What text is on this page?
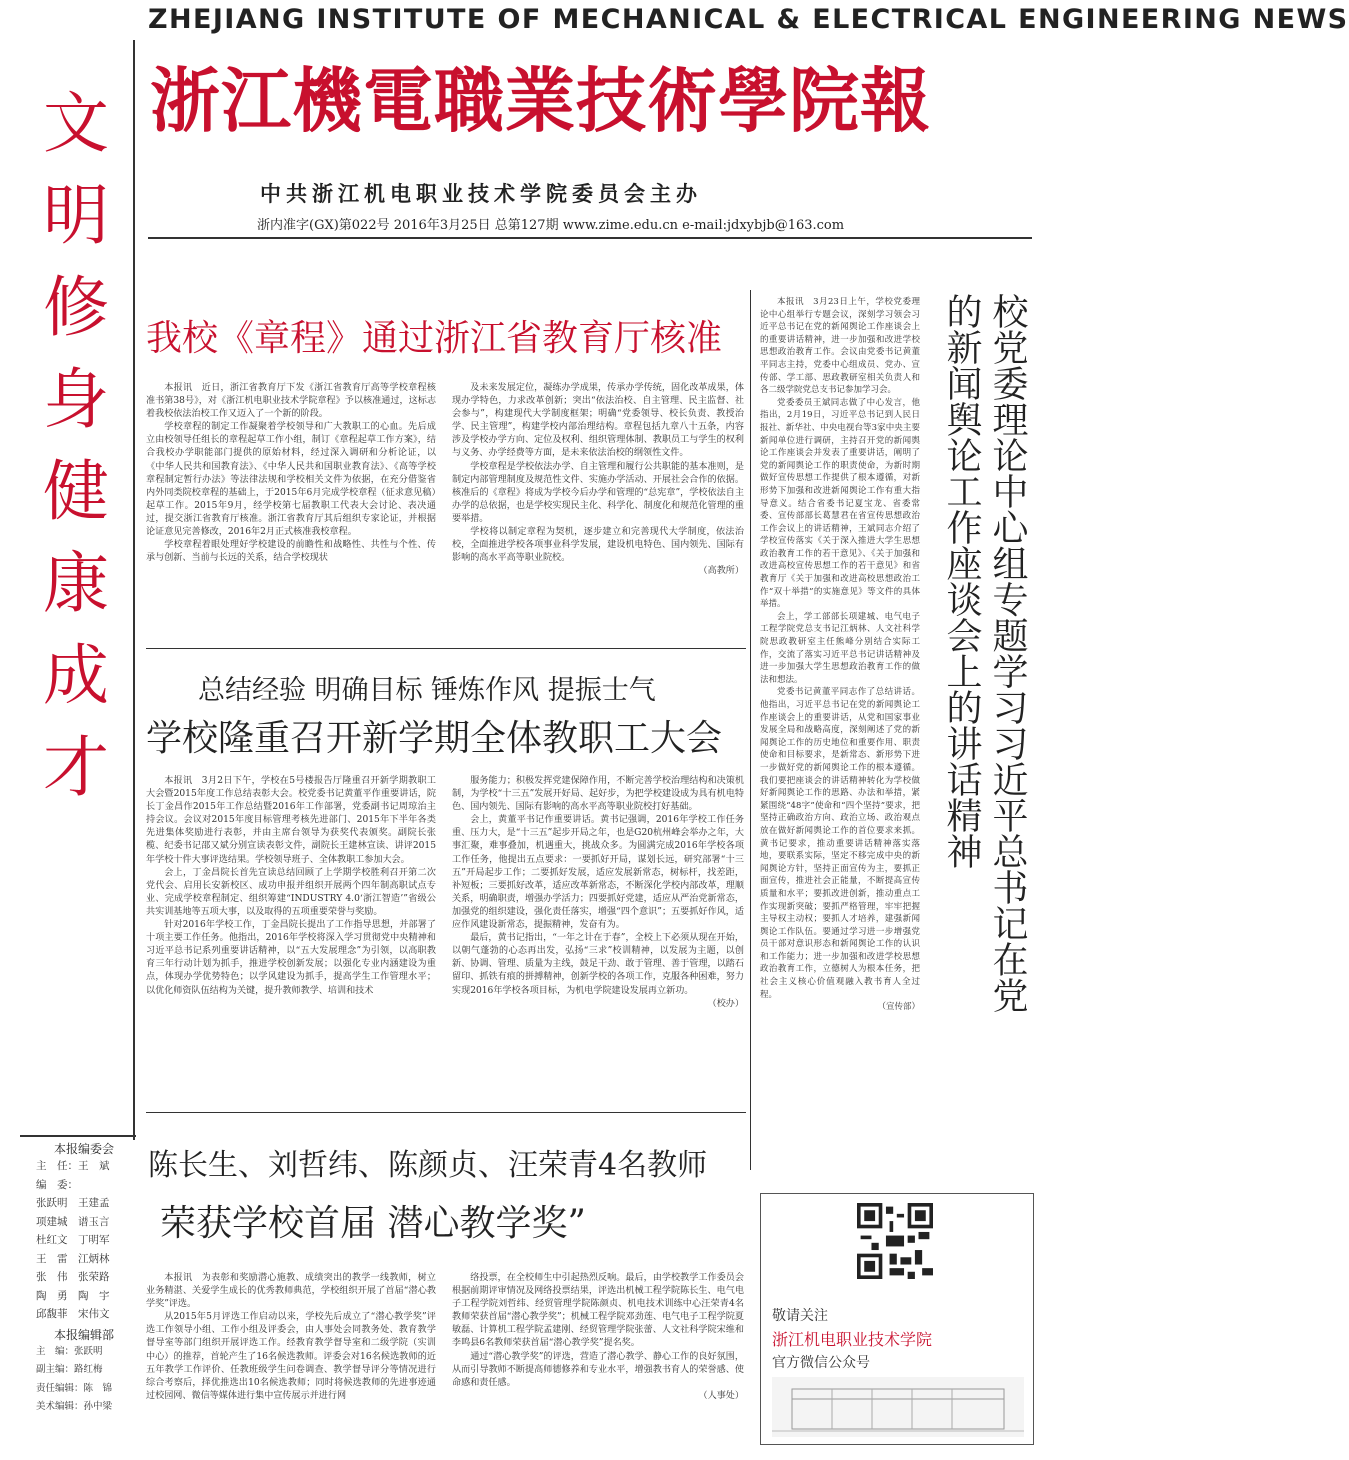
ZHEJIANG INSTITUTE OF MECHANICAL & ELECTRICAL ENGINEERING NEWS
浙江機電職業技術學院報
中共浙江机电职业技术学院委员会主办
浙内准字(GX)第022号 2016年3月25日 总第127期 www.zime.edu.cn e-mail:jdxybjb@163.com
文
明
修
身
健
康
成
才
本报编委会
主　任：王　斌
编　委：
张跃明　 王建孟
项建城　 谱玉言
杜红文　 丁明军
王　雷　 江炳林
张　伟　 张荣路
陶　勇　 陶　宇
邱馥菲　 宋伟文
本报编辑部
主　编：张跃明
副主编：路红梅
责任编辑：陈　锦
美术编辑：孙中梁
我校《章程》通过浙江省教育厅核准

本报讯　近日，浙江省教育厅下发《浙江省教育厅高等学校章程核准书第38号》，对《浙江机电职业技术学院章程》予以核准通过，这标志着我校依法治校工作又迈入了一个新的阶段。

学校章程的制定工作凝聚着学校领导和广大教职工的心血。先后成立由校领导任组长的章程起草工作小组，制订《章程起草工作方案》，结合我校办学职能部门提供的原始材料，经过深入调研和分析论证，以《中华人民共和国教育法》、《中华人民共和国职业教育法》、《高等学校章程制定暂行办法》等法律法规和学校相关文件为依据，在充分借鉴省内外同类院校章程的基础上，于2015年6月完成学校章程（征求意见稿）起草工作。2015年9月，经学校第七届教职工代表大会讨论、表决通过，提交浙江省教育厅核准。浙江省教育厅其后组织专家论证，并根据论证意见完善修改，2016年2月正式核准我校章程。

学校章程着眼处理好学校建设的前瞻性和战略性、共性与个性、传承与创新、当前与长远的关系，结合学校现状

及未来发展定位，凝练办学成果，传承办学传统，固化改革成果，体现办学特色，力求改革创新；突出“依法治校、自主管理、民主监督、社会参与”，构建现代大学制度框架；明确“党委领导、校长负责、教授治学、民主管理”，构建学校内部治理结构。章程包括九章八十五条，内容涉及学校办学方向、定位及权利、组织管理体制、教职员工与学生的权利与义务、办学经费等方面，是未来依法治校的纲领性文件。

学校章程是学校依法办学、自主管理和履行公共职能的基本准则，是制定内部管理制度及规范性文件、实施办学活动、开展社会合作的依据。核准后的《章程》将成为学校今后办学和管理的“总宪章”，学校依法自主办学的总依据，也是学校实现民主化、科学化、制度化和规范化管理的重要举措。

学校将以制定章程为契机，逐步建立和完善现代大学制度，依法治校，全面推进学校各项事业科学发展，建设机电特色、国内领先、国际有影响的高水平高等职业院校。

（高教所）
总结经验 明确目标 锤炼作风 提振士气
学校隆重召开新学期全体教职工大会

本报讯　3月2日下午，学校在5号楼报告厅隆重召开新学期教职工大会暨2015年度工作总结表彰大会。校党委书记黄董平作重要讲话，院长丁金昌作2015年工作总结暨2016年工作部署，党委副书记周琼治主持会议。会议对2015年度目标管理考核先进部门、2015年下半年各类先进集体奖励进行表彰，并由主席台领导为获奖代表颁奖。副院长张榄、纪委书记邵又斌分别宣读表彰文件，副院长王建林宣读、讲评2015年学校十件大事评选结果。学校领导班子、全体教职工参加大会。

会上，丁金昌院长首先宣读总结回顾了上学期学校胜利召开第二次党代会、启用长安新校区、成功申报并组织开展两个四年制高职试点专业、完成学校章程制定、组织筹建“INDUSTRY 4.0‘浙江智造’”省级公共实训基地等五项大事，以及取得的五项重要荣誉与奖励。

针对2016年学校工作，丁金昌院长提出了工作指导思想，并部署了十项主要工作任务。他指出，2016年学校将深入学习贯彻党中央精神和习近平总书记系列重要讲话精神，以“五大发展理念”为引领，以高职教育三年行动计划为抓手，推进学校创新发展；以强化专业内涵建设为重点，体现办学优势特色；以学风建设为抓手，提高学生工作管理水平；以优化师资队伍结构为关键，提升教师教学、培训和技术

服务能力；积极发挥党建保障作用，不断完善学校治理结构和决策机制，为学校“十三五”发展开好局、起好步，为把学校建设成为具有机电特色、国内领先、国际有影响的高水平高等职业院校打好基础。

会上，黄董平书记作重要讲话。黄书记强调，2016年学校工作任务重、压力大，是“十三五”起步开局之年，也是G20杭州峰会举办之年，大事汇聚，难事叠加，机遇重大，挑战众多。为圆满完成2016年学校各项工作任务，他提出五点要求：一要抓好开局，谋划长远，研究部署“十三五”开局起步工作；二要抓好发展，适应发展新常态，树标杆，找差距，补短板；三要抓好改革，适应改革新常态，不断深化学校内部改革，理顺关系，明确职责，增强办学活力；四要抓好党建，适应从严治党新常态，加强党的组织建设，强化责任落实，增强“四个意识”；五要抓好作风，适应作风建设新常态，提振精神，发奋有为。

最后，黄书记指出，“一年之计在于春”，全校上下必须从现在开始，以朝气蓬勃的心态再出发，弘扬“三求”校训精神，以发展为主题，以创新、协调、管理、质量为主线，鼓足干劲、敢于管理、善于管理，以踏石留印、抓铁有痕的拼搏精神，创新学校的各项工作，克服各种困难，努力实现2016年学校各项目标，为机电学院建设发展再立新功。

（校办）

本报讯　3月23日上午，学校党委理论中心组举行专题会议，深刻学习领会习近平总书记在党的新闻舆论工作座谈会上的重要讲话精神，进一步加强和改进学校思想政治教育工作。会议由党委书记黄董平同志主持，党委中心组成员、党办、宣传部、学工部、思政教研室相关负责人和各二级学院党总支书记参加学习会。

党委委员王斌同志做了中心发言，他指出，2月19日，习近平总书记到人民日报社、新华社、中央电视台等3家中央主要新闻单位进行调研，主持召开党的新闻舆论工作座谈会并发表了重要讲话，阐明了党的新闻舆论工作的职责使命，为新时期做好宣传思想工作提供了根本遵循，对新形势下加强和改进新闻舆论工作有重大指导意义。结合省委书记夏宝龙、省委常委、宣传部部长葛慧君在省宣传思想政治工作会议上的讲话精神，王斌同志介绍了学校宣传落实《关于深入推进大学生思想政治教育工作的若干意见》、《关于加强和改进高校宣传思想工作的若干意见》和省教育厅《关于加强和改进高校思想政治工作“双十举措”的实施意见》等文件的具体举措。

会上，学工部部长项建城、电气电子工程学院党总支书记江炳林、人文社科学院思政教研室主任熊峰分别结合实际工作，交流了落实习近平总书记讲话精神及进一步加强大学生思想政治教育工作的做法和想法。

党委书记黄董平同志作了总结讲话。他指出，习近平总书记在党的新闻舆论工作座谈会上的重要讲话，从党和国家事业发展全局和战略高度，深刻阐述了党的新闻舆论工作的历史地位和重要作用、职责使命和目标要求，是新常态、新形势下进一步做好党的新闻舆论工作的根本遵循。我们要把座谈会的讲话精神转化为学校做好新闻舆论工作的思路、办法和举措，紧紧围绕“48字”使命和“四个坚持”要求，把坚持正确政治方向、政治立场、政治观点放在做好新闻舆论工作的首位要求来抓。黄书记要求，推动重要讲话精神落实落地，要联系实际，坚定不移完成中央的新闻舆论方针，坚持正面宣传为主，要抓正面宣传，推进社会正能量，不断提高宣传质量和水平；要抓改进创新，推动重点工作实现新突破；要抓严格管理，牢牢把握主导权主动权；要抓人才培养，建强新闻舆论工作队伍。要通过学习进一步增强党员干部对意识形态和新闻舆论工作的认识和工作能力；进一步加强和改进学校思想政治教育工作，立德树人为根本任务，把社会主义核心价值观融入教书育人全过程。

（宣传部）	校党委理论中心组专题学习习近平总书记在党的新闻舆论工作座谈会上的讲话精神
陈长生、刘哲纬、陈颜贞、汪荣青4名教师
荣获学校首届 潜心教学奖”

本报讯　为表彰和奖励潜心施教、成绩突出的教学一线教师，树立业务精湛、关爱学生成长的优秀教师典范，学校组织开展了首届“潜心教学奖”评选。

从2015年5月评选工作启动以来，学校先后成立了“潜心教学奖”评选工作领导小组、工作小组及评委会，由人事处会同教务处、教育教学督导室等部门组织开展评选工作。经教育教学督导室和二级学院（实训中心）的推荐，首轮产生了16名候选教师。评委会对16名候选教师的近五年教学工作评价、任教班级学生问卷调查、教学督导评分等情况进行综合考察后，择优推选出10名候选教师；同时将候选教师的先进事迹通过校园网、微信等媒体进行集中宣传展示并进行网

络投票，在全校师生中引起热烈反响。最后，由学校教学工作委员会根据前期评审情况及网络投票结果，评选出机械工程学院陈长生、电气电子工程学院刘哲纬、经贸管理学院陈颜贞、机电技术训练中心汪荣青4名教师荣获首届“潜心教学奖”；机械工程学院邓劲莲、电气电子工程学院夏敏磊、计算机工程学院孟建刚、经贸管理学院张蕾、人文社科学院宋维和李鸣县6名教师荣获首届“潜心教学奖”提名奖。

通过“潜心教学奖”的评选，营造了潜心教学、静心工作的良好氛围，从而引导教师不断提高师德修养和专业水平，增强教书育人的荣誉感、使命感和责任感。

（人事处）
敬请关注
浙江机电职业技术学院
官方微信公众号
